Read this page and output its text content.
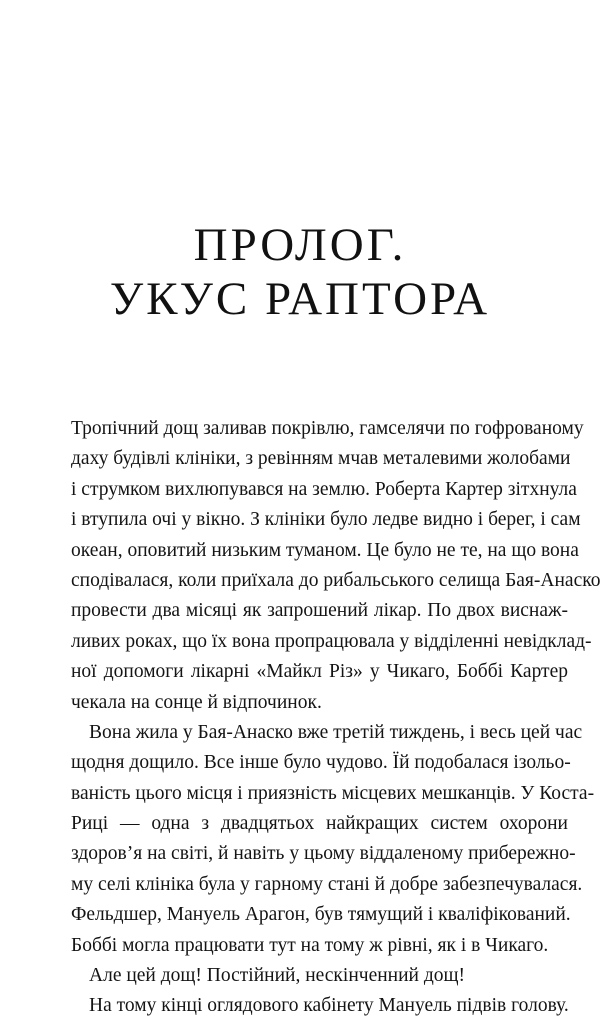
ПРОЛОГ.
УКУС РАПТОРА
Тропічний дощ заливав покрівлю, гамселячи по гофрованому
даху будівлі клініки, з ревінням мчав металевими жолобами
і струмком вихлюпувався на землю. Роберта Картер зітхнула
і втупила очі у вікно. З клініки було ледве видно і берег, і сам
океан, оповитий низьким туманом. Це було не те, на що вона
сподівалася, коли приїхала до рибальського селища Бая-Анаско
провести два місяці як запрошений лікар. По двох виснаж-
ливих роках, що їх вона пропрацювала у відділенні невідклад-
ної допомоги лікарні «Майкл Різ» у Чикаго, Боббі Картер
чекала на сонце й відпочинок.
Вона жила у Бая-Анаско вже третій тиждень, і весь цей час
щодня дощило. Все інше було чудово. Їй подобалася ізольо-
ваність цього місця і приязність місцевих мешканців. У Коста-
Риці — одна з двадцятьох найкращих систем охорони
здоров’я на світі, й навіть у цьому віддаленому прибережно-
му селі клініка була у гарному стані й добре забезпечувалася.
Фельдшер, Мануель Арагон, був тямущий і кваліфікований.
Боббі могла працювати тут на тому ж рівні, як і в Чикаго.
Але цей дощ! Постійний, нескінченний дощ!
На тому кінці оглядового кабінету Мануель підвів голову.
